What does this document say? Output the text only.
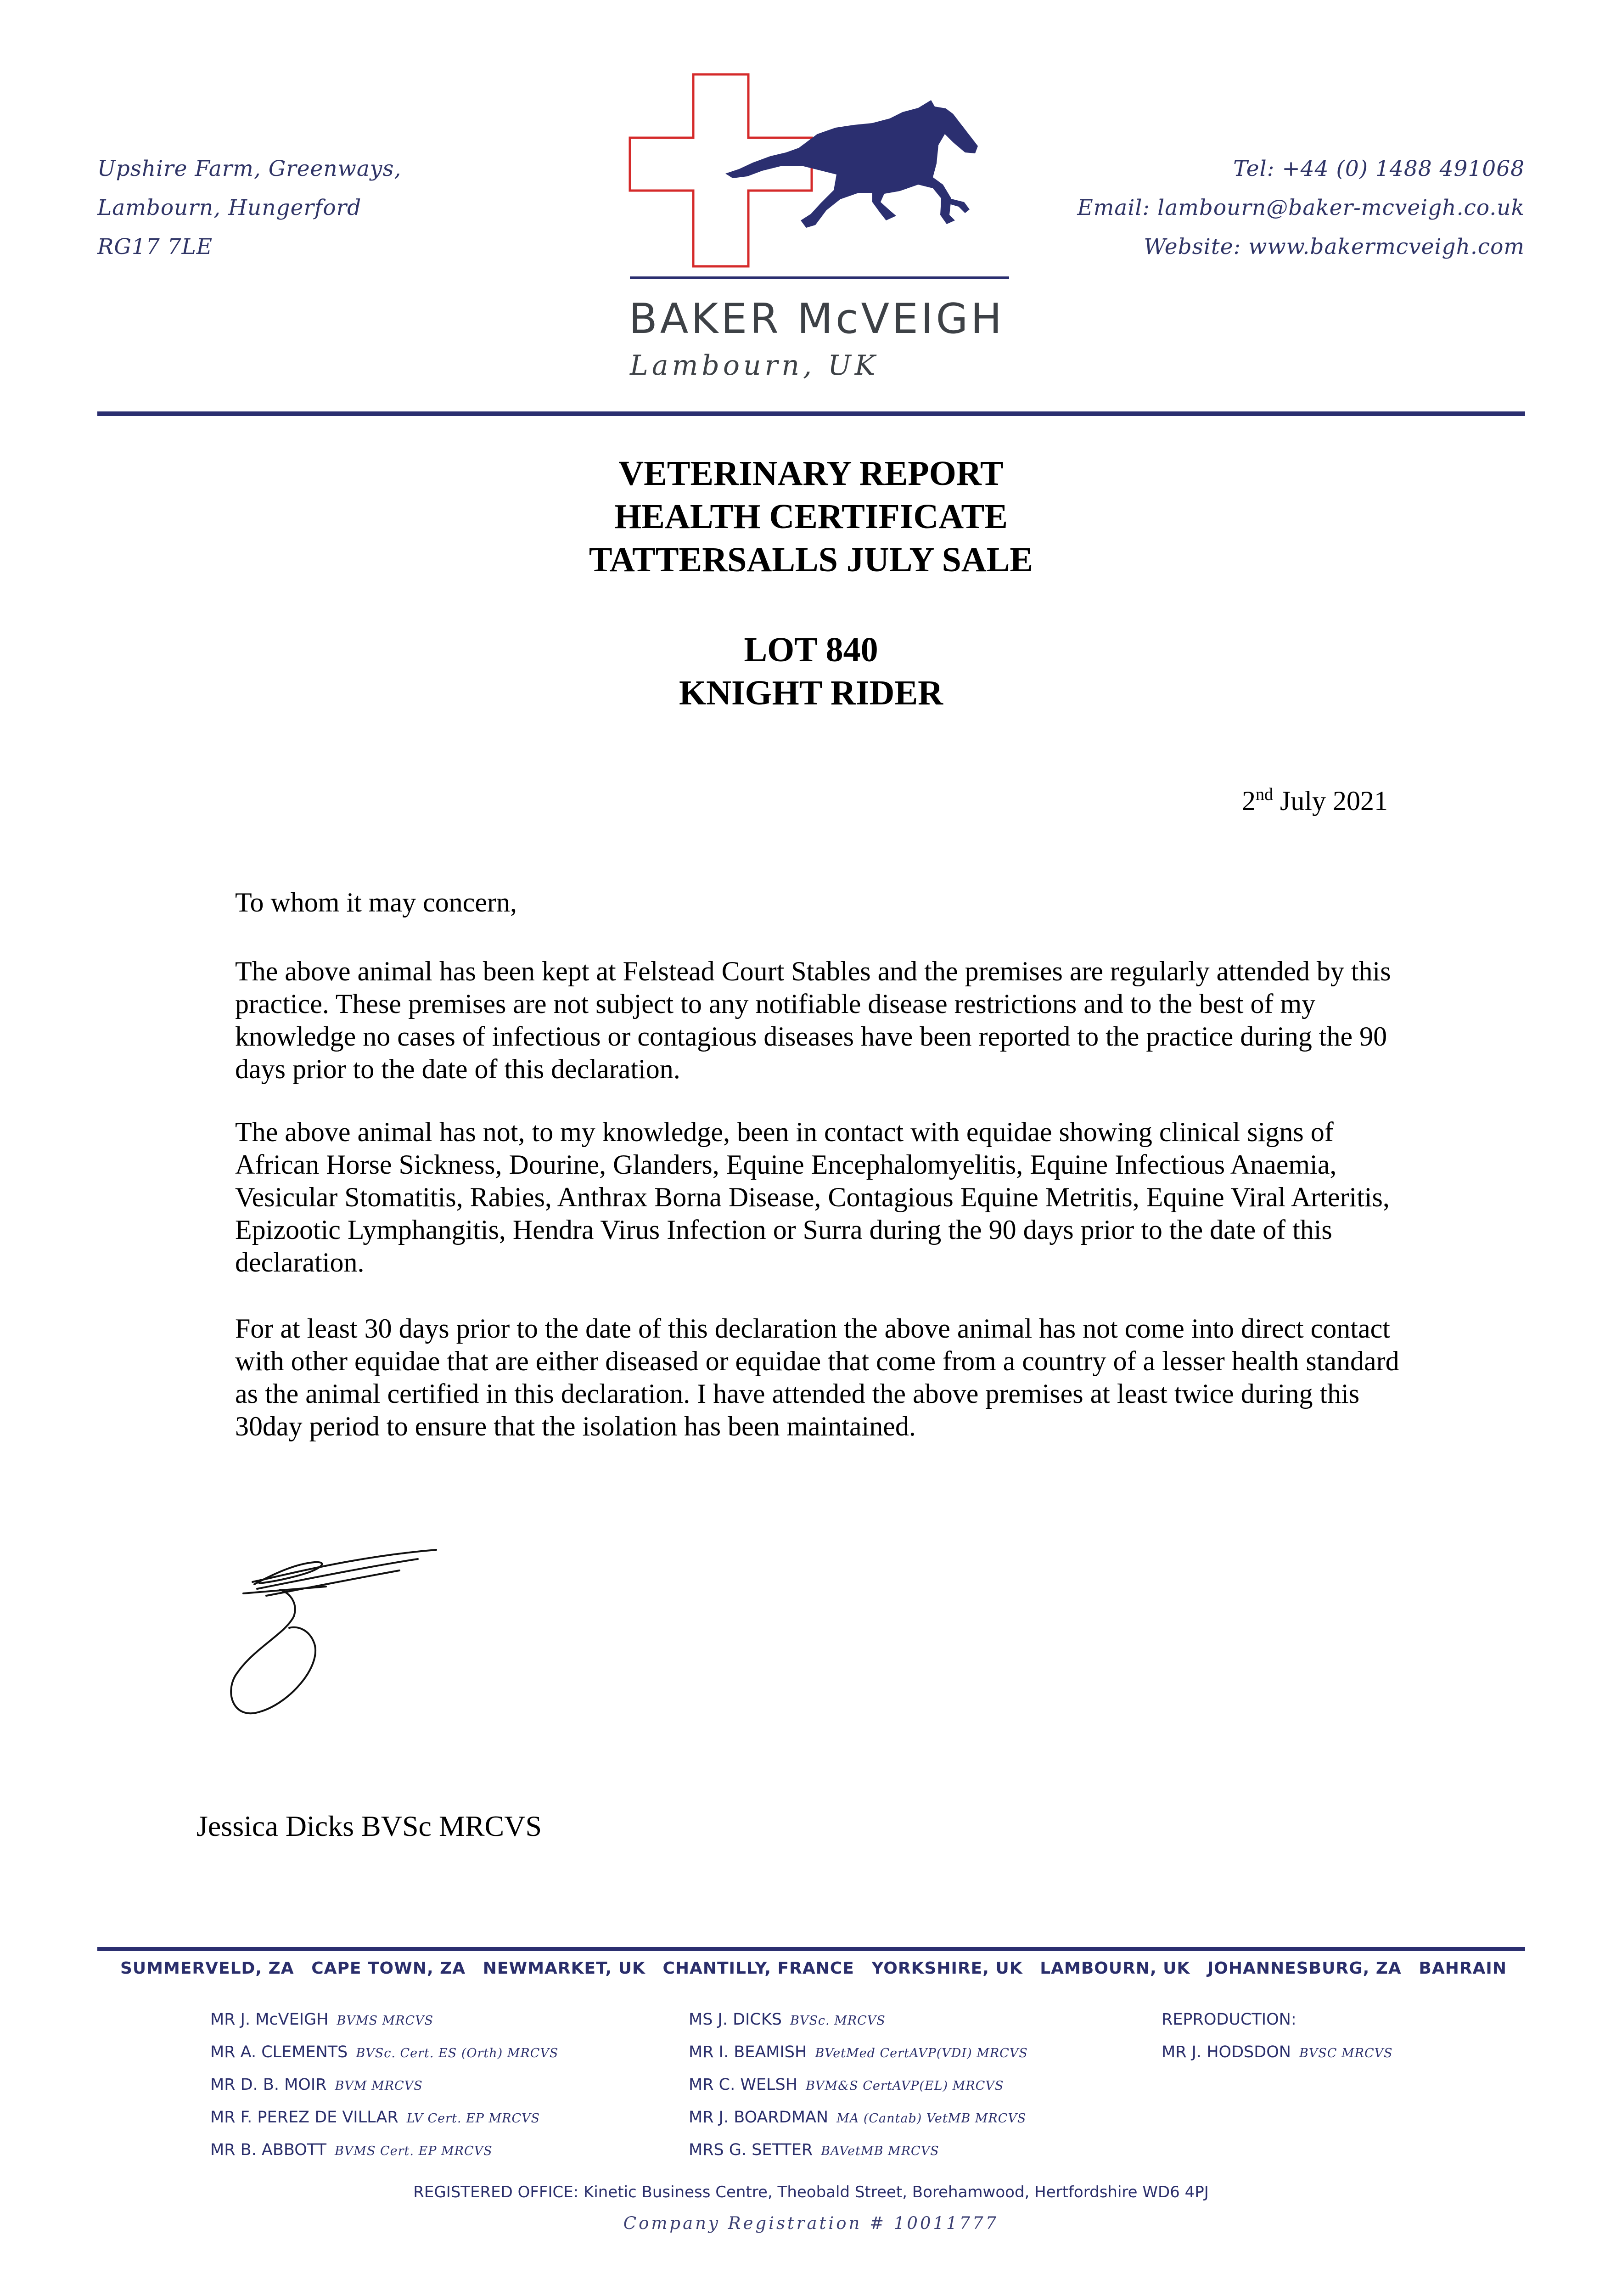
Upshire Farm, Greenways,
Lambourn, Hungerford
RG17 7LE
Tel: +44 (0) 1488 491068
Email: lambourn@baker-mcveigh.co.uk
Website: www.bakermcveigh.com
BAKER McVEIGH
Lambourn, UK
VETERINARY REPORT
HEALTH CERTIFICATE
TATTERSALLS JULY SALE
LOT 840
KNIGHT RIDER
2nd July 2021

To whom it may concern,

The above animal has been kept at Felstead Court Stables and the premises are regularly attended by this practice. These premises are not subject to any notifiable disease restrictions and to the best of my knowledge no cases of infectious or contagious diseases have been reported to the practice during the 90 days prior to the date of this declaration.

The above animal has not, to my knowledge, been in contact with equidae showing clinical signs of African Horse Sickness, Dourine, Glanders, Equine Encephalomyelitis, Equine Infectious Anaemia, Vesicular Stomatitis, Rabies, Anthrax Borna Disease, Contagious Equine Metritis, Equine Viral Arteritis, Epizootic Lymphangitis, Hendra Virus Infection or Surra during the 90 days prior to the date of this declaration.

For at least 30 days prior to the date of this declaration the above animal has not come into direct contact with other equidae that are either diseased or equidae that come from a country of a lesser health standard as the animal certified in this declaration. I have attended the above premises at least twice during this 30day period to ensure that the isolation has been maintained.

Jessica Dicks BVSc MRCVS
SUMMERVELD, ZA CAPE TOWN, ZA NEWMARKET, UK CHANTILLY, FRANCE YORKSHIRE, UK LAMBOURN, UK JOHANNESBURG, ZA BAHRAIN
MR J. McVEIGH BVMS MRCVS
MR A. CLEMENTS BVSc. Cert. ES (Orth) MRCVS
MR D. B. MOIR BVM MRCVS
MR F. PEREZ DE VILLAR LV Cert. EP MRCVS
MR B. ABBOTT BVMS Cert. EP MRCVS
MS J. DICKS BVSc. MRCVS
MR I. BEAMISH BVetMed CertAVP(VDI) MRCVS
MR C. WELSH BVM&S CertAVP(EL) MRCVS
MR J. BOARDMAN MA (Cantab) VetMB MRCVS
MRS G. SETTER BAVetMB MRCVS
REPRODUCTION:
MR J. HODSDON BVSC MRCVS
REGISTERED OFFICE: Kinetic Business Centre, Theobald Street, Borehamwood, Hertfordshire WD6 4PJ
Company Registration # 10011777
